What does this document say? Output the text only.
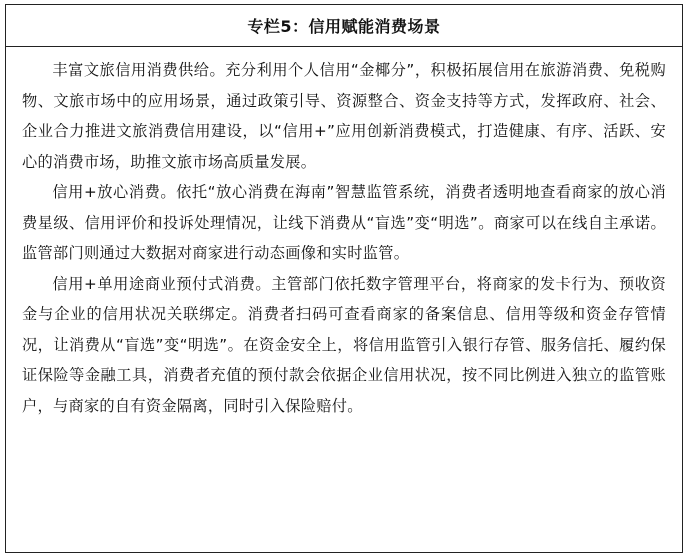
专栏5：信用赋能消费场景

丰富文旅信用消费供给。充分利用个人信用“金椰分”，积极拓展信用在旅游消费、免税购物、文旅市场中的应用场景，通过政策引导、资源整合、资金支持等方式，发挥政府、社会、企业合力推进文旅消费信用建设，以“信用+”应用创新消费模式，打造健康、有序、活跃、安心的消费市场，助推文旅市场高质量发展。

信用+放心消费。依托“放心消费在海南”智慧监管系统，消费者透明地查看商家的放心消费星级、信用评价和投诉处理情况，让线下消费从“盲选”变“明选”。商家可以在线自主承诺。监管部门则通过大数据对商家进行动态画像和实时监管。

信用+单用途商业预付式消费。主管部门依托数字管理平台，将商家的发卡行为、预收资金与企业的信用状况关联绑定。消费者扫码可查看商家的备案信息、信用等级和资金存管情况，让消费从“盲选”变“明选”。在资金安全上，将信用监管引入银行存管、服务信托、履约保证保险等金融工具，消费者充值的预付款会依据企业信用状况，按不同比例进入独立的监管账户，与商家的自有资金隔离，同时引入保险赔付。
